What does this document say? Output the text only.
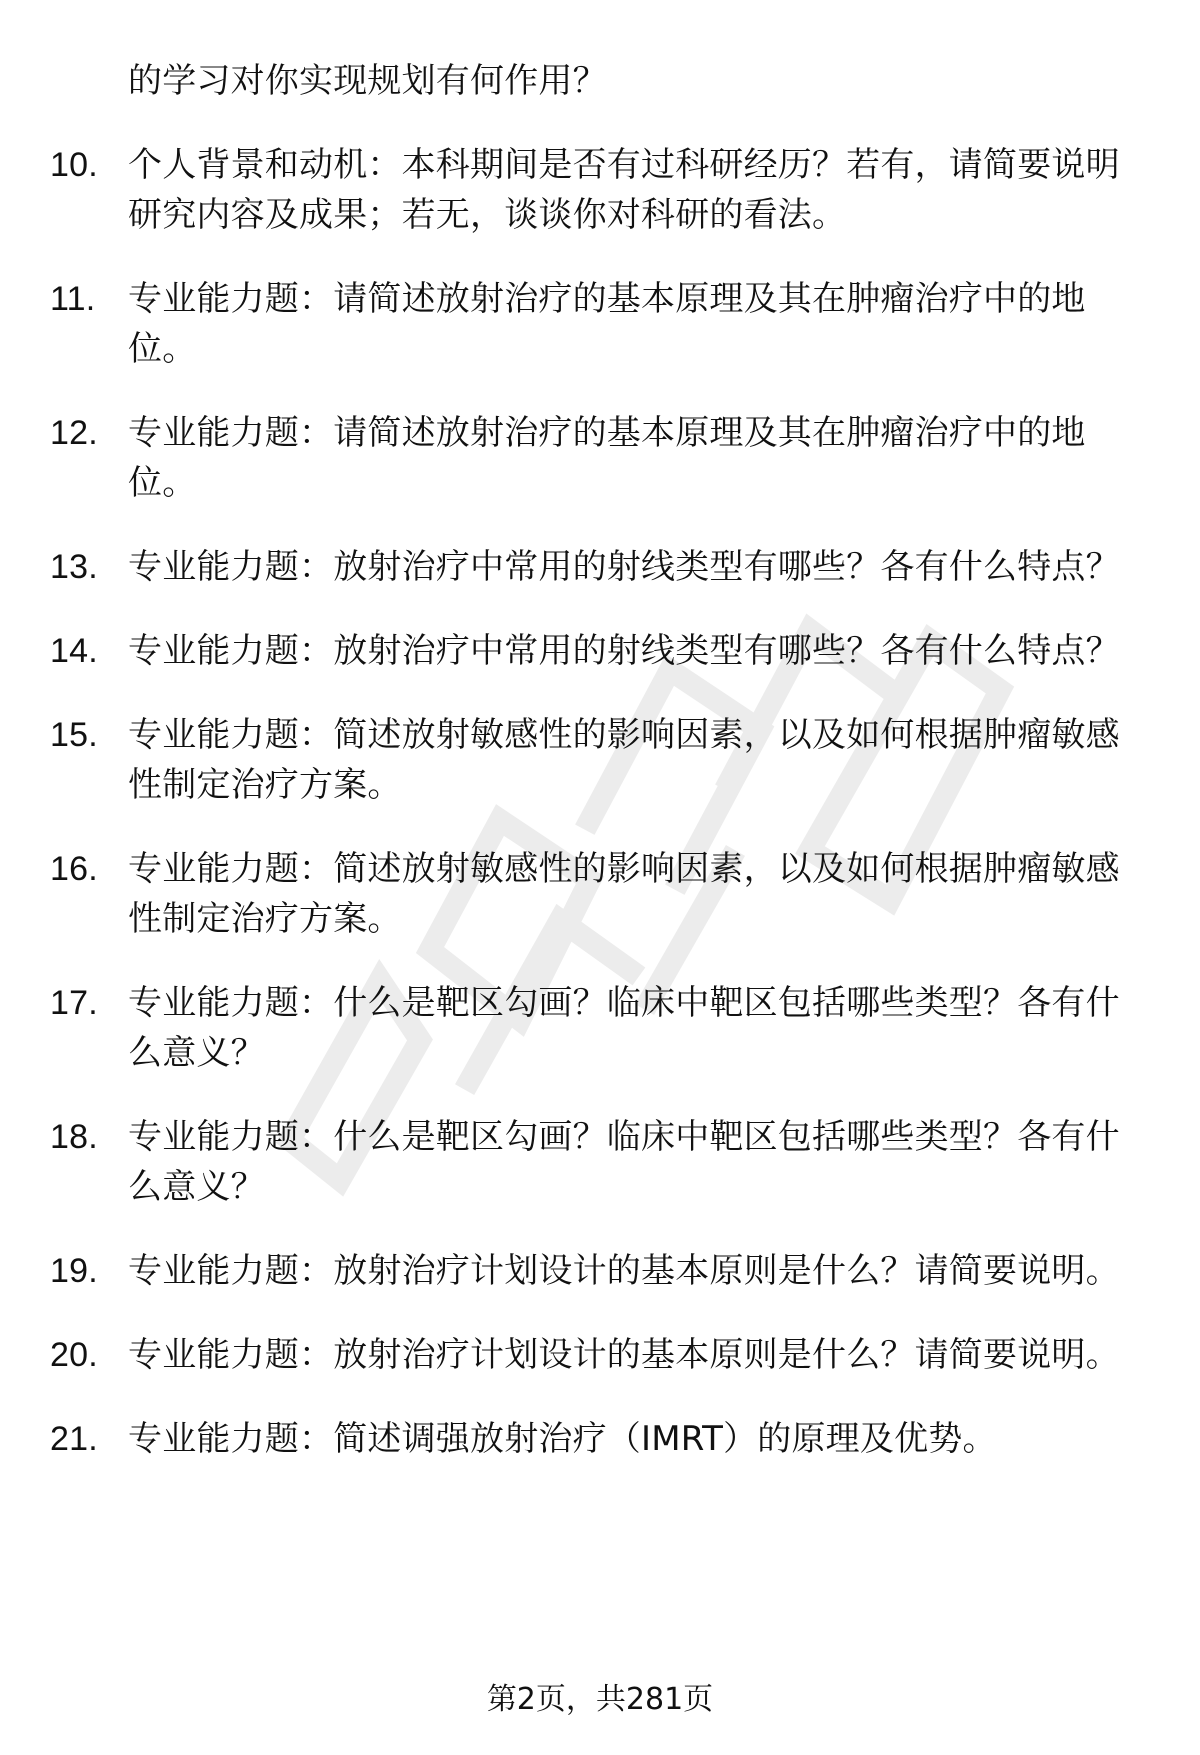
的学习对你实现规划有何作用？
10. 个人背景和动机：本科期间是否有过科研经历？若有，请简要说明研究内容及成果；若无，谈谈你对科研的看法。
11. 专业能力题：请简述放射治疗的基本原理及其在肿瘤治疗中的地位。
12. 专业能力题：请简述放射治疗的基本原理及其在肿瘤治疗中的地位。
13. 专业能力题：放射治疗中常用的射线类型有哪些？各有什么特点？
14. 专业能力题：放射治疗中常用的射线类型有哪些？各有什么特点？
15. 专业能力题：简述放射敏感性的影响因素，以及如何根据肿瘤敏感性制定治疗方案。
16. 专业能力题：简述放射敏感性的影响因素，以及如何根据肿瘤敏感性制定治疗方案。
17. 专业能力题：什么是靶区勾画？临床中靶区包括哪些类型？各有什么意义？
18. 专业能力题：什么是靶区勾画？临床中靶区包括哪些类型？各有什么意义？
19. 专业能力题：放射治疗计划设计的基本原则是什么？请简要说明。
20. 专业能力题：放射治疗计划设计的基本原则是什么？请简要说明。
21. 专业能力题：简述调强放射治疗（IMRT）的原理及优势。
第2页，共281页
